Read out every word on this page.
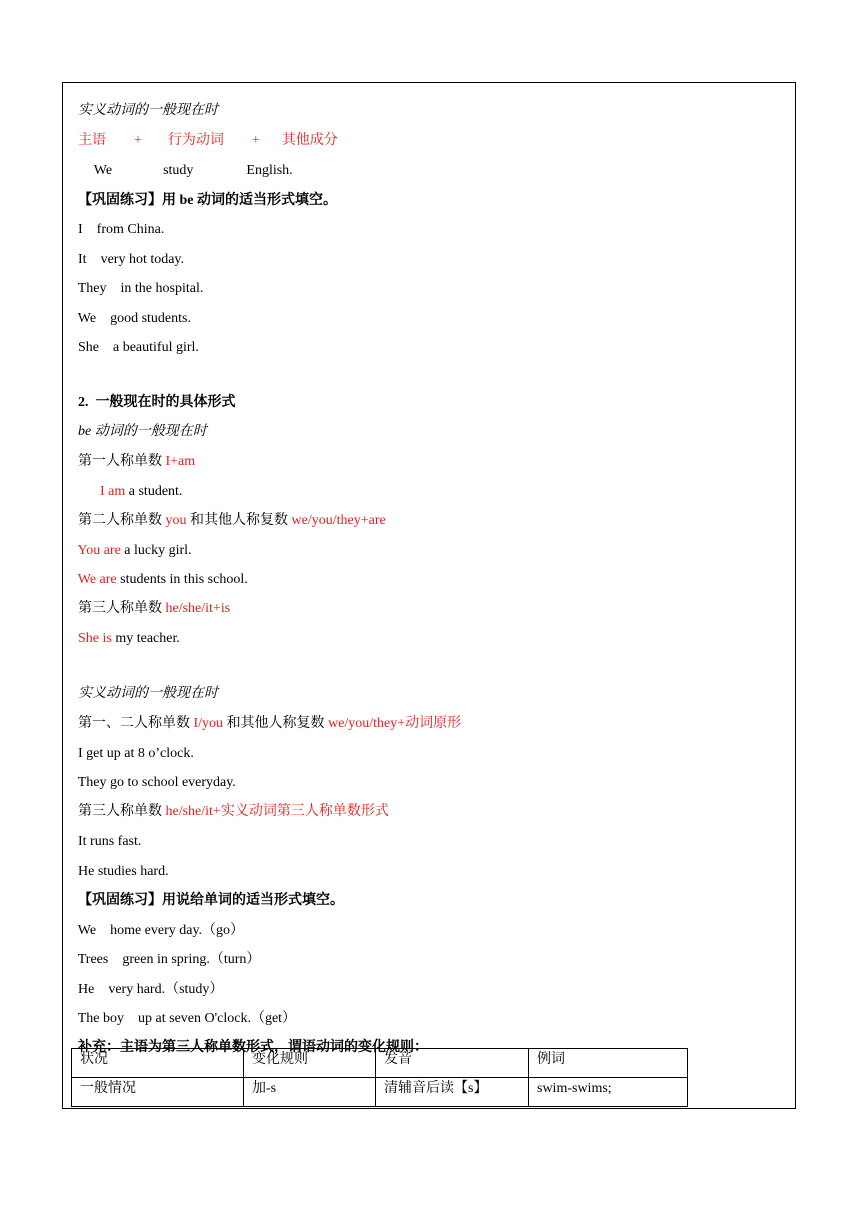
实义动词的一般现在时

主语 + 行为动词 + 其他成分

We	study	English.

【巩固练习】用 be 动词的适当形式填空。

I from China.

It very hot today.

They in the hospital.

We good students.

She a beautiful girl.

2.  一般现在时的具体形式

be 动词的一般现在时

第一人称单数 I+am

I am a student.

第二人称单数 you 和其他人称复数 we/you/they+are

You are a lucky girl.

We are students in this school.

第三人称单数 he/she/it+is

She is my teacher.

实义动词的一般现在时

第一、二人称单数 I/you 和其他人称复数 we/you/they+动词原形

I get up at 8 o’clock.

They go to school everyday.

第三人称单数 he/she/it+实义动词第三人称单数形式

It runs fast.

He studies hard.

【巩固练习】用说给单词的适当形式填空。

We home every day.（go）

Trees green in spring.（turn）

He very hard.（study）

The boy up at seven O'clock.（get）

补充：主语为第三人称单数形式，谓语动词的变化规则：

状况	变化规则	发音	例词
一般情况	加-s	清辅音后读【s】	swim-swims;
